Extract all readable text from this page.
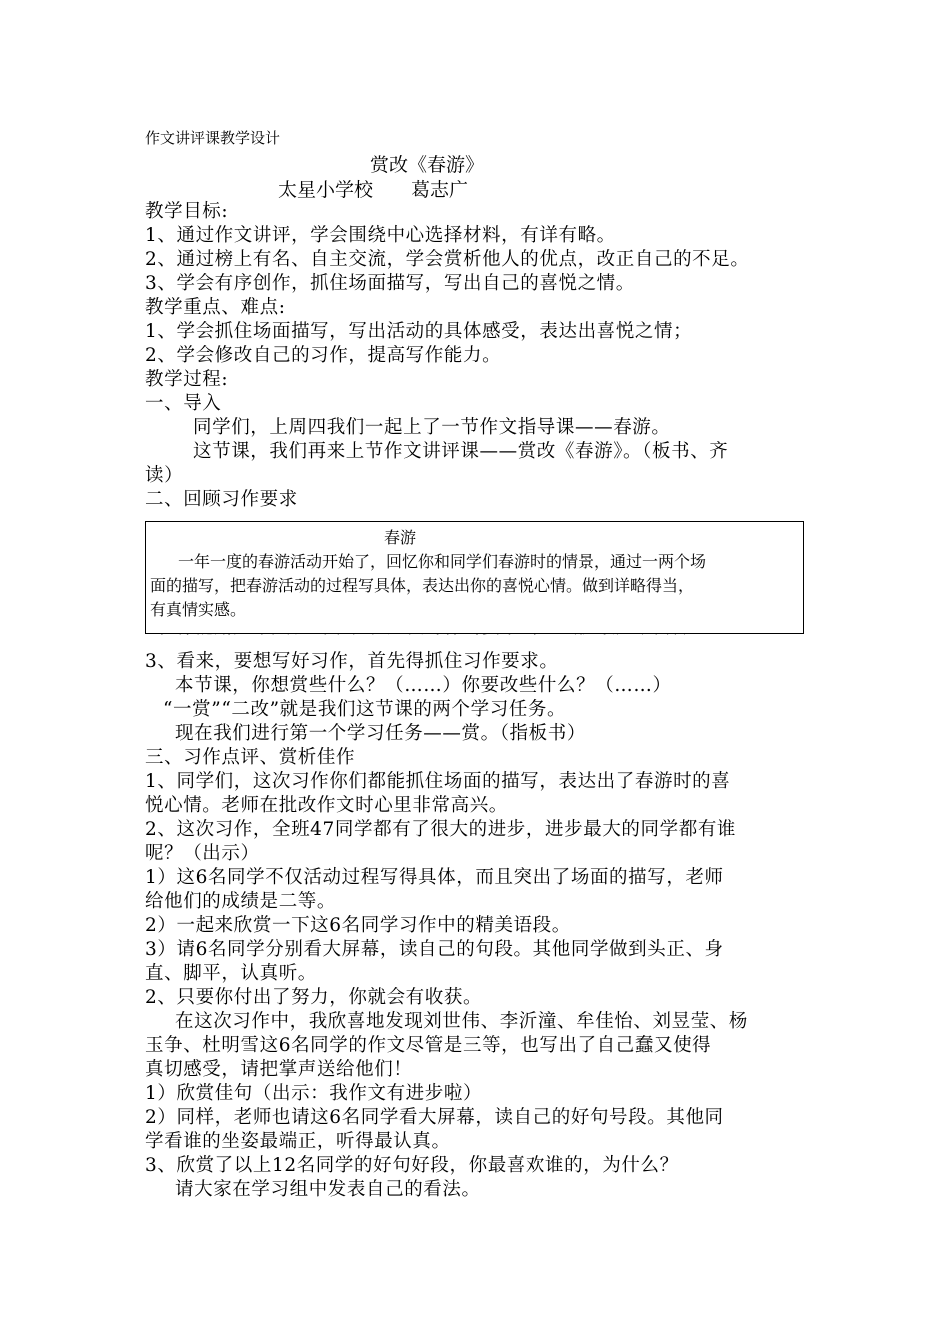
作文讲评课教学设计
赏改《春游》
太星小学校　　葛志广
教学目标:
1、通过作文讲评，学会围绕中心选择材料，有详有略。
2、通过榜上有名、自主交流，学会赏析他人的优点，改正自己的不足。
3、学会有序创作，抓住场面描写，写出自己的喜悦之情。
教学重点、难点:
1、学会抓住场面描写，写出活动的具体感受，表达出喜悦之情；
2、学会修改自己的习作，提高写作能力。
教学过程:
一、导入
同学们，上周四我们一起上了一节作文指导课——春游。
这节课，我们再来上节作文讲评课——赏改《春游》。（板书、齐
读）
二、回顾习作要求
春游
一年一度的春游活动开始了，回忆你和同学们春游时的情景，通过一两个场
面的描写，把春游活动的过程写具体，表达出你的喜悦心情。做到详略得当，
有真情实感。
3、看来，要想写好习作，首先得抓住习作要求。
本节课，你想赏些什么？（……）你要改些什么？（……）
“一赏”“二改”就是我们这节课的两个学习任务。
现在我们进行第一个学习任务——赏。（指板书）
三、习作点评、赏析佳作
1、同学们，这次习作你们都能抓住场面的描写，表达出了春游时的喜
悦心情。老师在批改作文时心里非常高兴。
2、这次习作，全班47同学都有了很大的进步，进步最大的同学都有谁
呢？（出示）
1）这6名同学不仅活动过程写得具体，而且突出了场面的描写，老师
给他们的成绩是二等。
2）一起来欣赏一下这6名同学习作中的精美语段。
3）请6名同学分别看大屏幕，读自己的句段。其他同学做到头正、身
直、脚平，认真听。
2、只要你付出了努力，你就会有收获。
在这次习作中，我欣喜地发现刘世伟、李沂潼、牟佳怡、刘昱莹、杨
玉争、杜明雪这6名同学的作文尽管是三等，也写出了自己蠢又使得
真切感受，请把掌声送给他们！
1）欣赏佳句（出示：我作文有进步啦）
2）同样，老师也请这6名同学看大屏幕，读自己的好句号段。其他同
学看谁的坐姿最端正，听得最认真。
3、欣赏了以上12名同学的好句好段，你最喜欢谁的，为什么？
请大家在学习组中发表自己的看法。
